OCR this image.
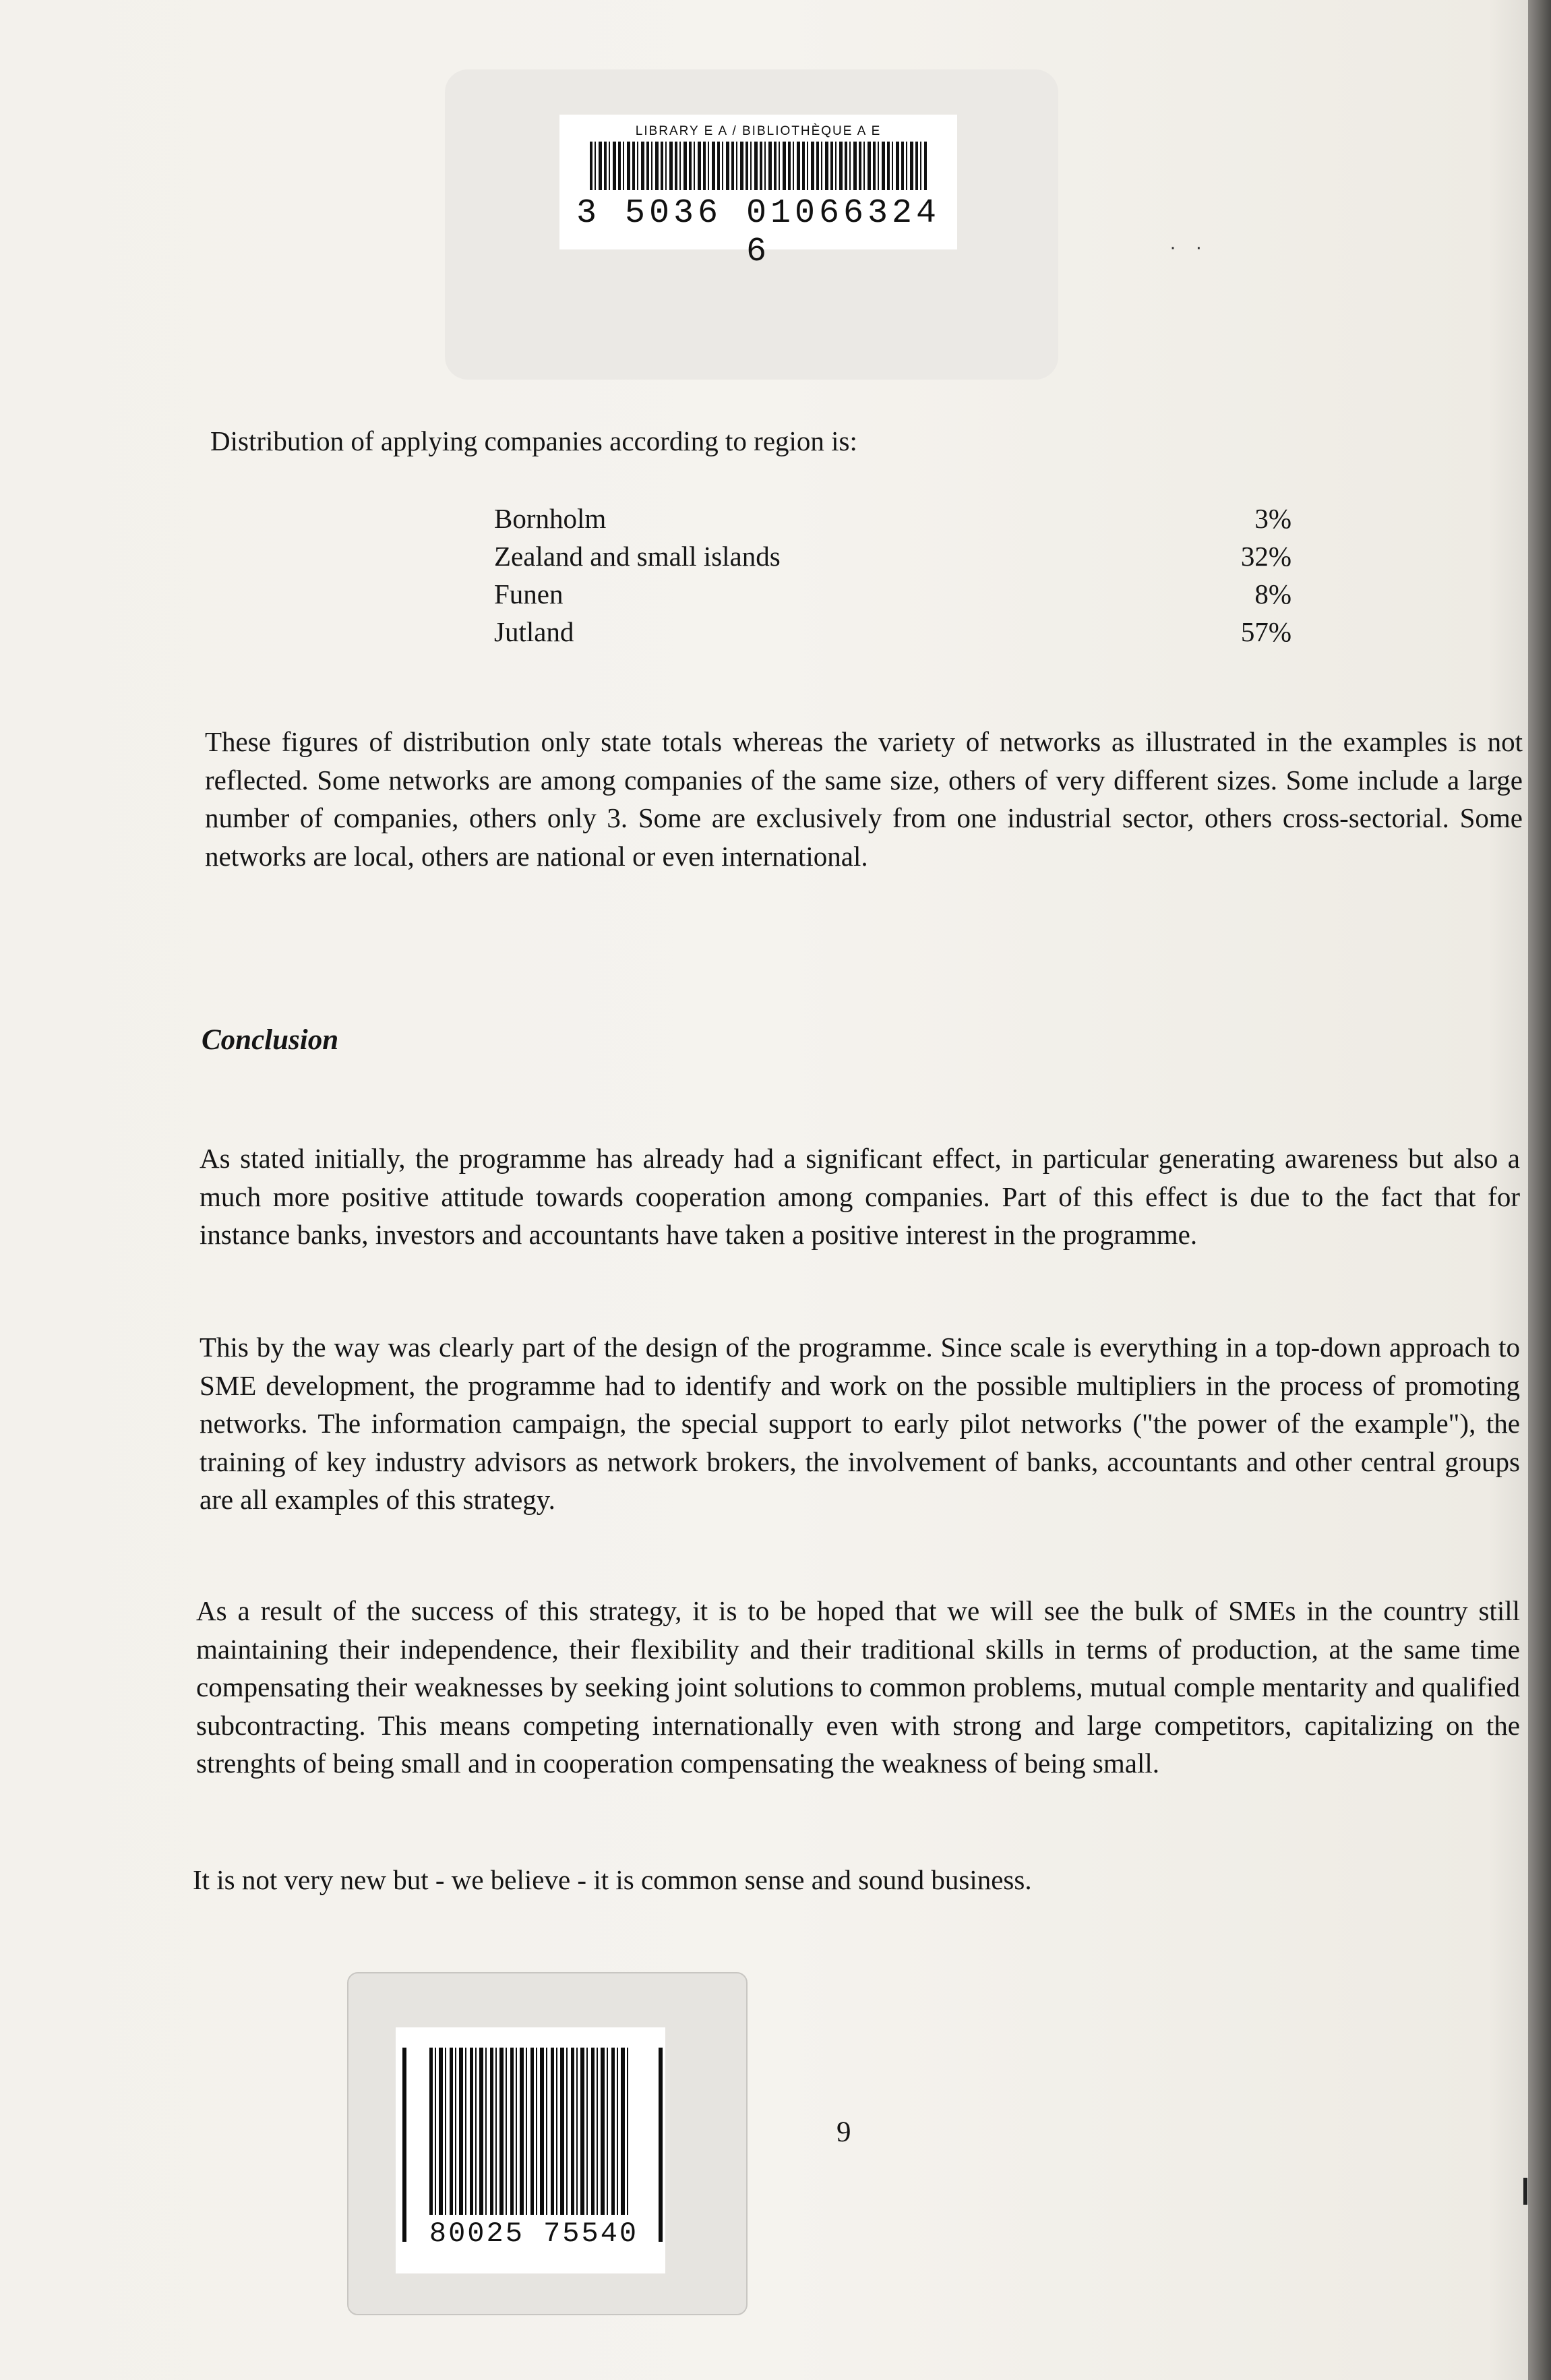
LIBRARY E A / BIBLIOTHÈQUE A E
3 5036 01066324 6	· ·

Distribution of applying companies according to region is:

Bornholm	3%
Zealand and small islands	32%
Funen	8%
Jutland	57%

These figures of distribution only state totals whereas the variety of networks as illustrated in the examples is not reflected. Some networks are among companies of the same size, others of very different sizes. Some include a large number of companies, others only 3. Some are exclusively from one industrial sector, others cross-sectorial. Some networks are local, others are national or even international.

Conclusion

As stated initially, the programme has already had a significant effect, in particular generating awareness but also a much more positive attitude towards cooperation among companies. Part of this effect is due to the fact that for instance banks, investors and accountants have taken a positive interest in the programme.

This by the way was clearly part of the design of the programme. Since scale is everything in a top-down approach to SME development, the programme had to identify and work on the possible multipliers in the process of promoting networks. The information campaign, the special support to early pilot networks ("the power of the example"), the training of key industry advisors as network brokers, the involvement of banks, accountants and other central groups are all examples of this strategy.

As a result of the success of this strategy, it is to be hoped that we will see the bulk of SMEs in the country still maintaining their independence, their flexibility and their traditional skills in terms of production, at the same time compensating their weaknesses by seeking joint solutions to common problems, mutual comple mentarity and qualified subcontracting. This means competing internationally even with strong and large competitors, capitalizing on the strenghts of being small and in cooperation compensating the weakness of being small.

It is not very new but - we believe - it is common sense and sound business.

9
80025 75540
